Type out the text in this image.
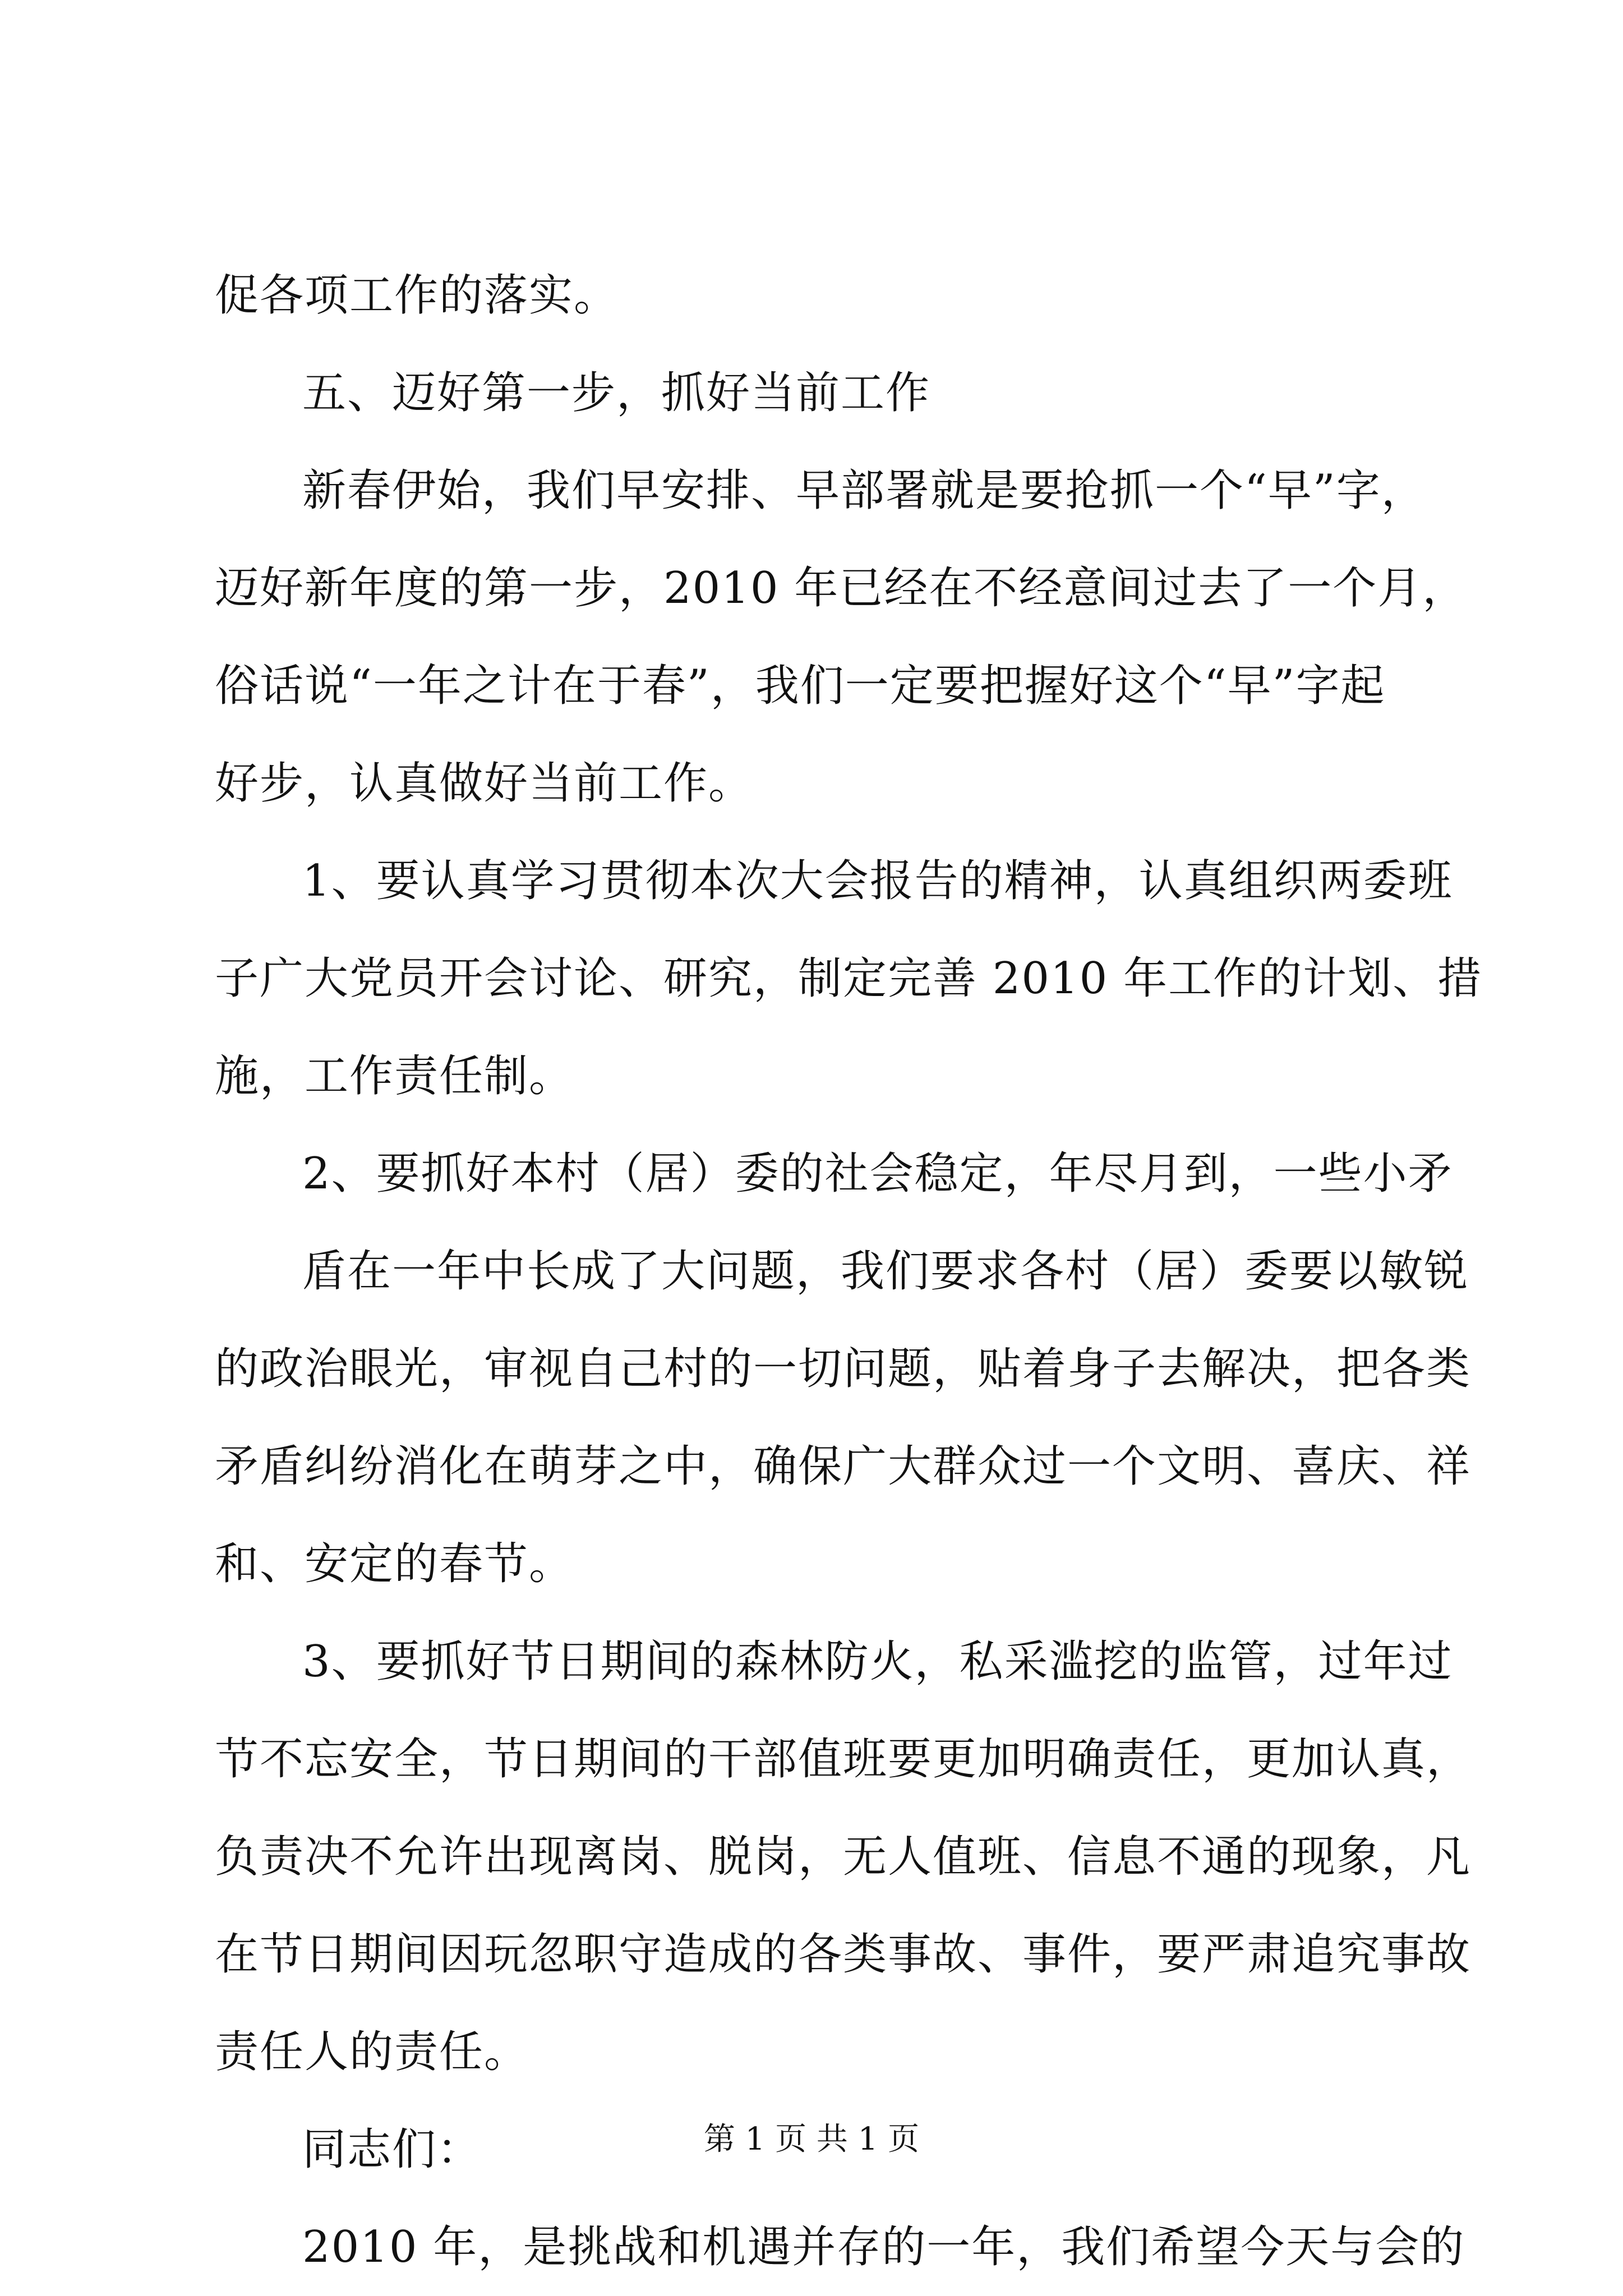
促各项工作的落实。
五、迈好第一步，抓好当前工作
新春伊始，我们早安排、早部署就是要抢抓一个“早”字，
迈好新年度的第一步，2010 年已经在不经意间过去了一个月，
俗话说“一年之计在于春”，我们一定要把握好这个“早”字起
好步，认真做好当前工作。
1、要认真学习贯彻本次大会报告的精神，认真组织两委班
子广大党员开会讨论、研究，制定完善 2010 年工作的计划、措
施，工作责任制。
2、要抓好本村（居）委的社会稳定，年尽月到，一些小矛
盾在一年中长成了大问题，我们要求各村（居）委要以敏锐
的政治眼光，审视自己村的一切问题，贴着身子去解决，把各类
矛盾纠纷消化在萌芽之中，确保广大群众过一个文明、喜庆、祥
和、安定的春节。
3、要抓好节日期间的森林防火，私采滥挖的监管，过年过
节不忘安全，节日期间的干部值班要更加明确责任，更加认真，
负责决不允许出现离岗、脱岗，无人值班、信息不通的现象，凡
在节日期间因玩忽职守造成的各类事故、事件，要严肃追究事故
责任人的责任。
同志们：
2010 年，是挑战和机遇并存的一年，我们希望今天与会的
第 1 页 共 1 页
